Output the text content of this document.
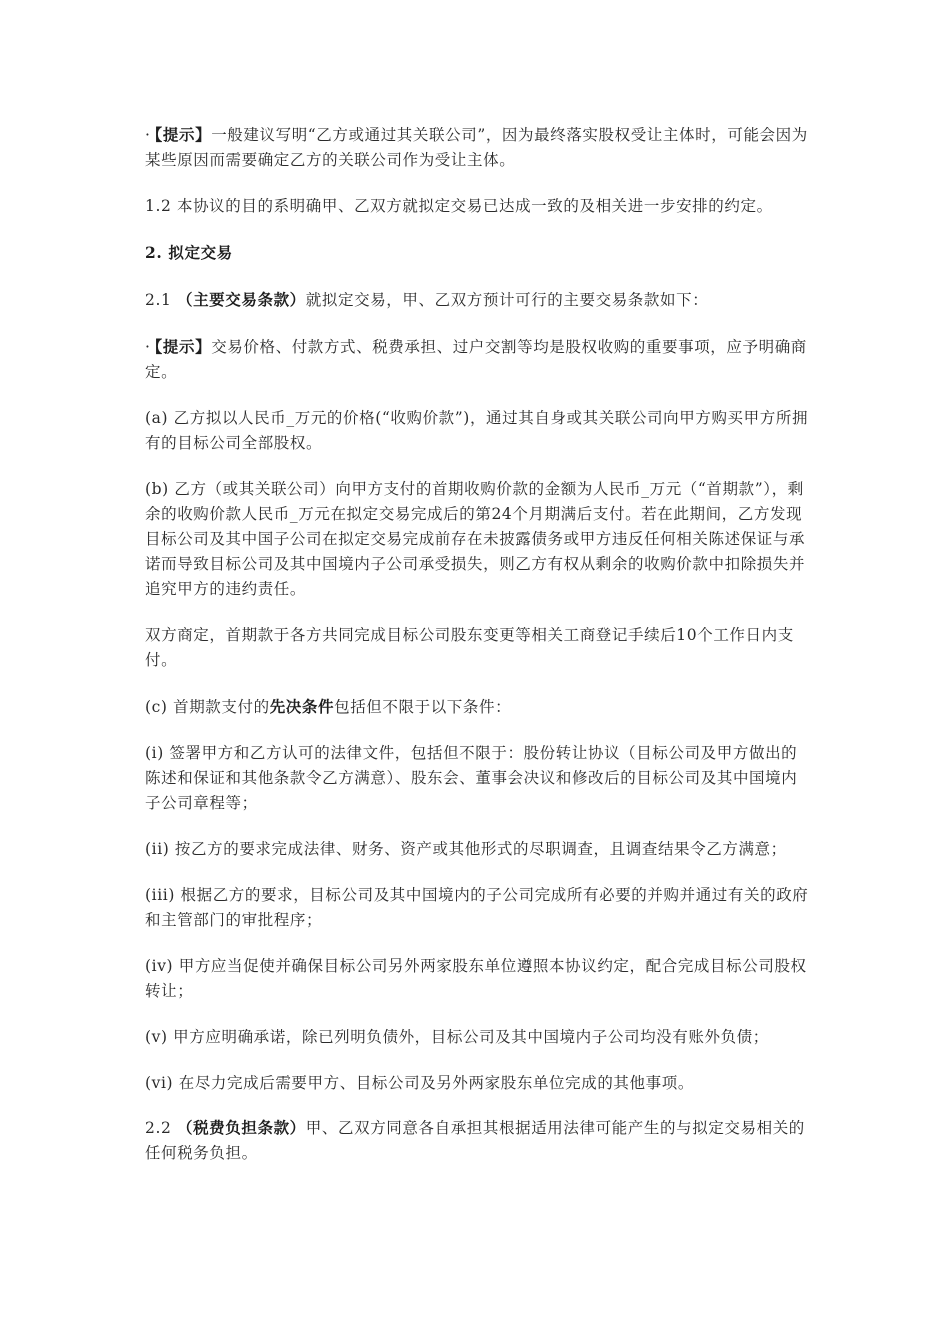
· 【提示】一般建议写明“乙方或通过其关联公司”，因为最终落实股权受让主体时，可能会因为某些原因而需要确定乙方的关联公司作为受让主体。

1.2 本协议的目的系明确甲、乙双方就拟定交易已达成一致的及相关进一步安排的约定。

2. 拟定交易

2.1 （主要交易条款）就拟定交易，甲、乙双方预计可行的主要交易条款如下：

· 【提示】交易价格、付款方式、税费承担、过户交割等均是股权收购的重要事项，应予明确商定。

(a) 乙方拟以人民币_万元的价格(“收购价款”)，通过其自身或其关联公司向甲方购买甲方所拥有的目标公司全部股权。

(b) 乙方（或其关联公司）向甲方支付的首期收购价款的金额为人民币_万元（“首期款”），剩余的收购价款人民币_万元在拟定交易完成后的第24个月期满后支付。若在此期间，乙方发现目标公司及其中国子公司在拟定交易完成前存在未披露债务或甲方违反任何相关陈述保证与承诺而导致目标公司及其中国境内子公司承受损失，则乙方有权从剩余的收购价款中扣除损失并追究甲方的违约责任。

双方商定，首期款于各方共同完成目标公司股东变更等相关工商登记手续后10个工作日内支付。

(c) 首期款支付的先决条件包括但不限于以下条件：

(i) 签署甲方和乙方认可的法律文件，包括但不限于：股份转让协议（目标公司及甲方做出的陈述和保证和其他条款令乙方满意）、股东会、董事会决议和修改后的目标公司及其中国境内子公司章程等；

(ii) 按乙方的要求完成法律、财务、资产或其他形式的尽职调查，且调查结果令乙方满意；

(iii) 根据乙方的要求，目标公司及其中国境内的子公司完成所有必要的并购并通过有关的政府和主管部门的审批程序；

(iv) 甲方应当促使并确保目标公司另外两家股东单位遵照本协议约定，配合完成目标公司股权转让；

(v) 甲方应明确承诺，除已列明负债外，目标公司及其中国境内子公司均没有账外负债；

(vi) 在尽力完成后需要甲方、目标公司及另外两家股东单位完成的其他事项。

2.2 （税费负担条款）甲、乙双方同意各自承担其根据适用法律可能产生的与拟定交易相关的任何税务负担。
